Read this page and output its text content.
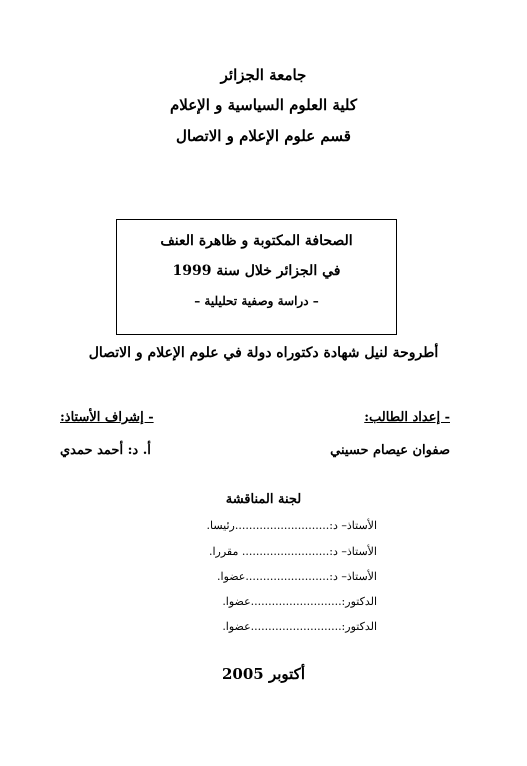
جامعة الجزائر
كلية العلوم السياسية و الإعلام
قسم علوم الإعلام و الاتصال
الصحافة المكتوبة و ظاهرة العنف
في الجزائر خلال سنة 1999
– دراسة وصفية تحليلية –
أطروحة لنيل شهادة دكتوراه دولة في علوم الإعلام و الاتصال
- إعداد الطالب:
- إشراف الأستاذ:
صفوان عيصام حسيني
أ. د: أحمد حمدي
لجنة المناقشة
الأستاذ– د:...........................رئيسا.
الأستاذ– د:......................... مقررا.
الأستاذ– د:........................عضوا.
الدكتور:..........................عضوا.
الدكتور:..........................عضوا.
أكتوبر 2005
